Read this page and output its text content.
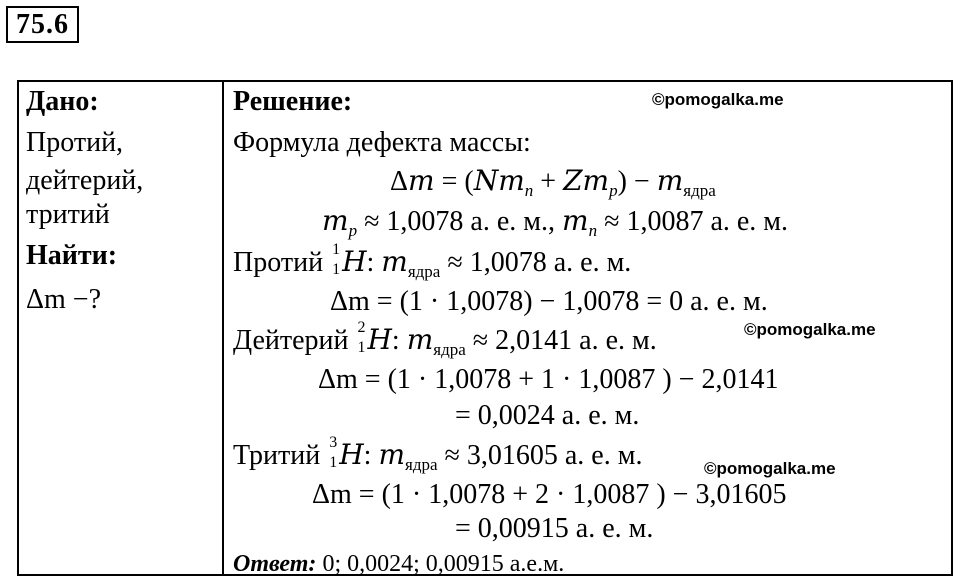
75.6
Дано:
Протий,
дейтерий,
тритий
Найти:
Δm −?
Решение:	©pomogalka.me
Формула дефекта массы:
$\Delta m = (Nm_n + Zm_p) - m_{ядра}$
$m_p \approx 1,0078$ а. е. м., $m_n \approx 1,0087$ а. е. м.
Протий 1
1 H: $m_{ядра} \approx 1,0078$ а. е. м.
Δm = (1 · 1,0078) − 1,0078 = 0 а. е. м.
Дейтерий 2
1 H: $m_{ядра} \approx 2,0141$ а. е. м.	©pomogalka.me
Δm = (1 · 1,0078 + 1 · 1,0087 ) − 2,0141
= 0,0024 а. е. м.
Тритий 3
1 H: $m_{ядра} \approx 3,01605$ а. е. м.	©pomogalka.me
Δm = (1 · 1,0078 + 2 · 1,0087 ) − 3,01605
= 0,00915 а. е. м.
Ответ: 0; 0,0024; 0,00915 а.е.м.
